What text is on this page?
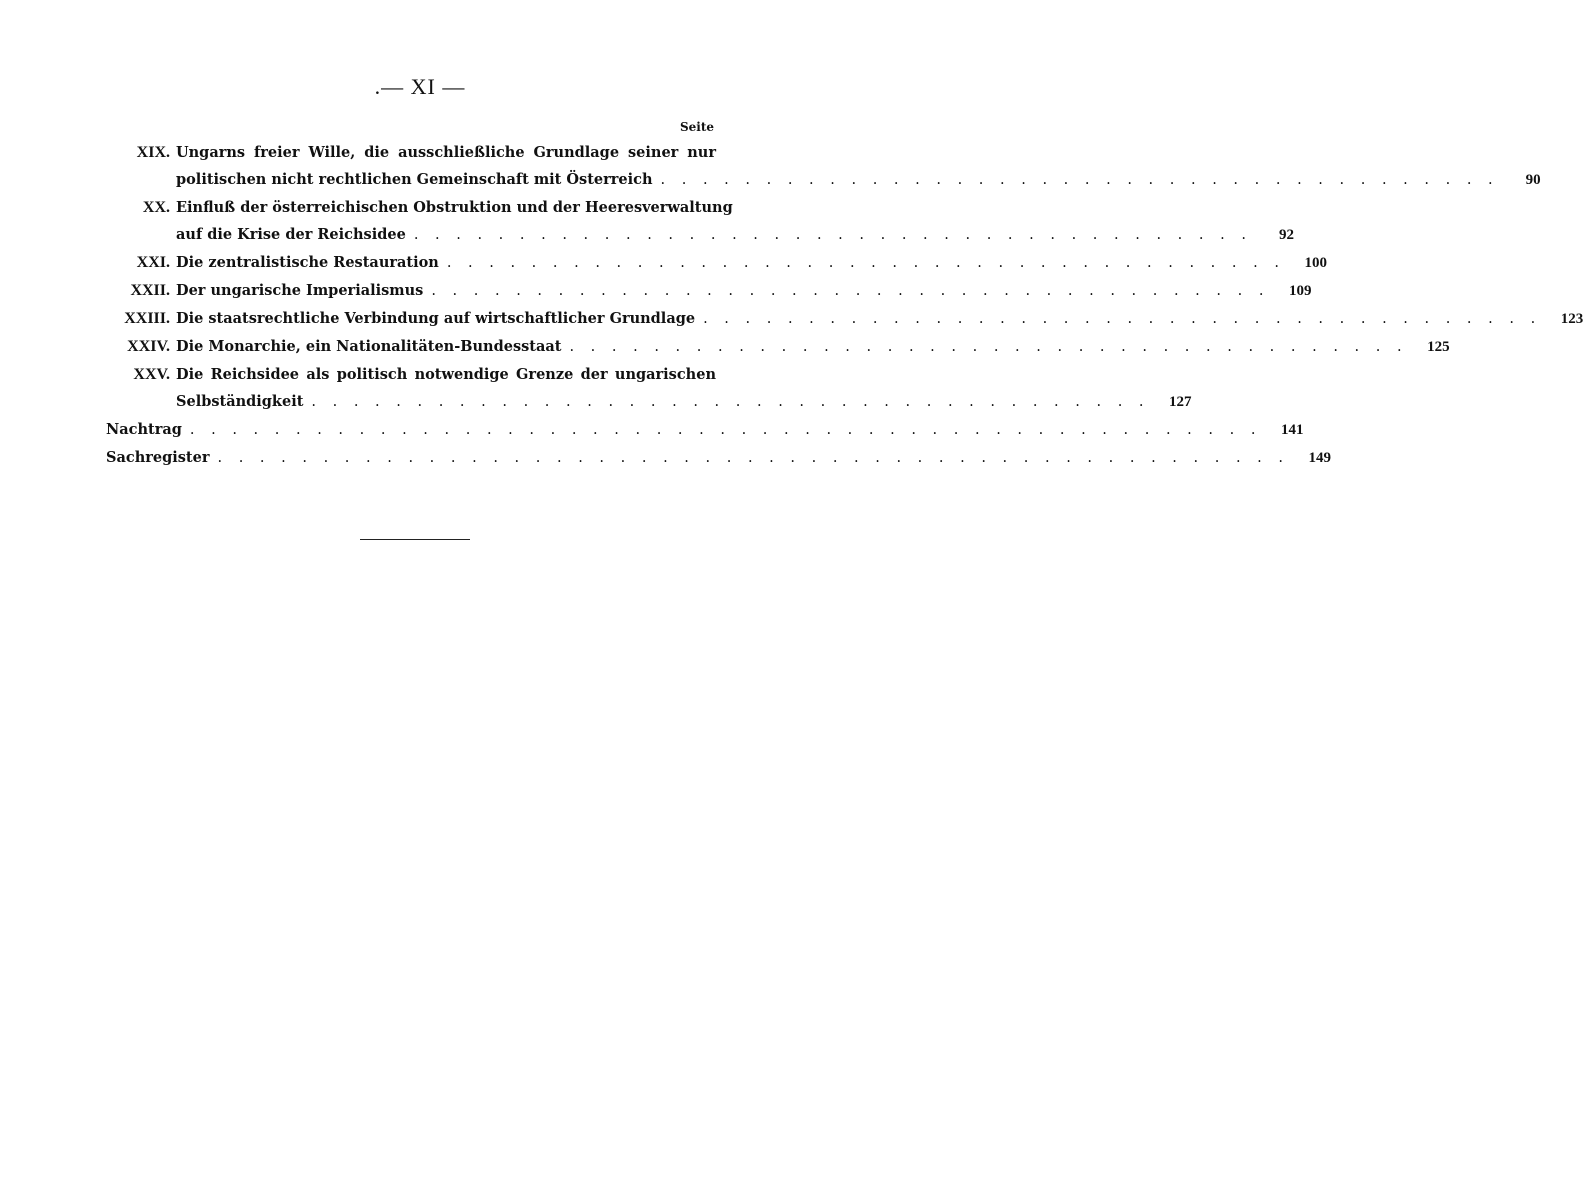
.— XI —
Seite
XIX. Ungarns freier Wille, die ausschließliche Grundlage seiner nur
politischen nicht rechtlichen Gemeinschaft mit Österreich . . . . . . . . . . . . . . . . . . . . . . . . . . . . . . . . . . . . . . . .	90
XX. Einfluß der österreichischen Obstruktion und der Heeresverwaltung
auf die Krise der Reichsidee . . . . . . . . . . . . . . . . . . . . . . . . . . . . . . . . . . . . . . . .	92
XXI. Die zentralistische Restauration . . . . . . . . . . . . . . . . . . . . . . . . . . . . . . . . . . . . . . . .	100
XXII. Der ungarische Imperialismus . . . . . . . . . . . . . . . . . . . . . . . . . . . . . . . . . . . . . . . .	109
XXIII. Die staatsrechtliche Verbindung auf wirtschaftlicher Grundlage . . . . . . . . . . . . . . . . . . . . . . . . . . . . . . . . . . . . . . . .	123
XXIV. Die Monarchie, ein Nationalitäten-Bundesstaat . . . . . . . . . . . . . . . . . . . . . . . . . . . . . . . . . . . . . . . .	125
XXV. Die Reichsidee als politisch notwendige Grenze der ungarischen
Selbständigkeit . . . . . . . . . . . . . . . . . . . . . . . . . . . . . . . . . . . . . . . .	127
Nachtrag . . . . . . . . . . . . . . . . . . . . . . . . . . . . . . . . . . . . . . . . . . . . . . . . . . .	141
Sachregister . . . . . . . . . . . . . . . . . . . . . . . . . . . . . . . . . . . . . . . . . . . . . . . . . . .	149
